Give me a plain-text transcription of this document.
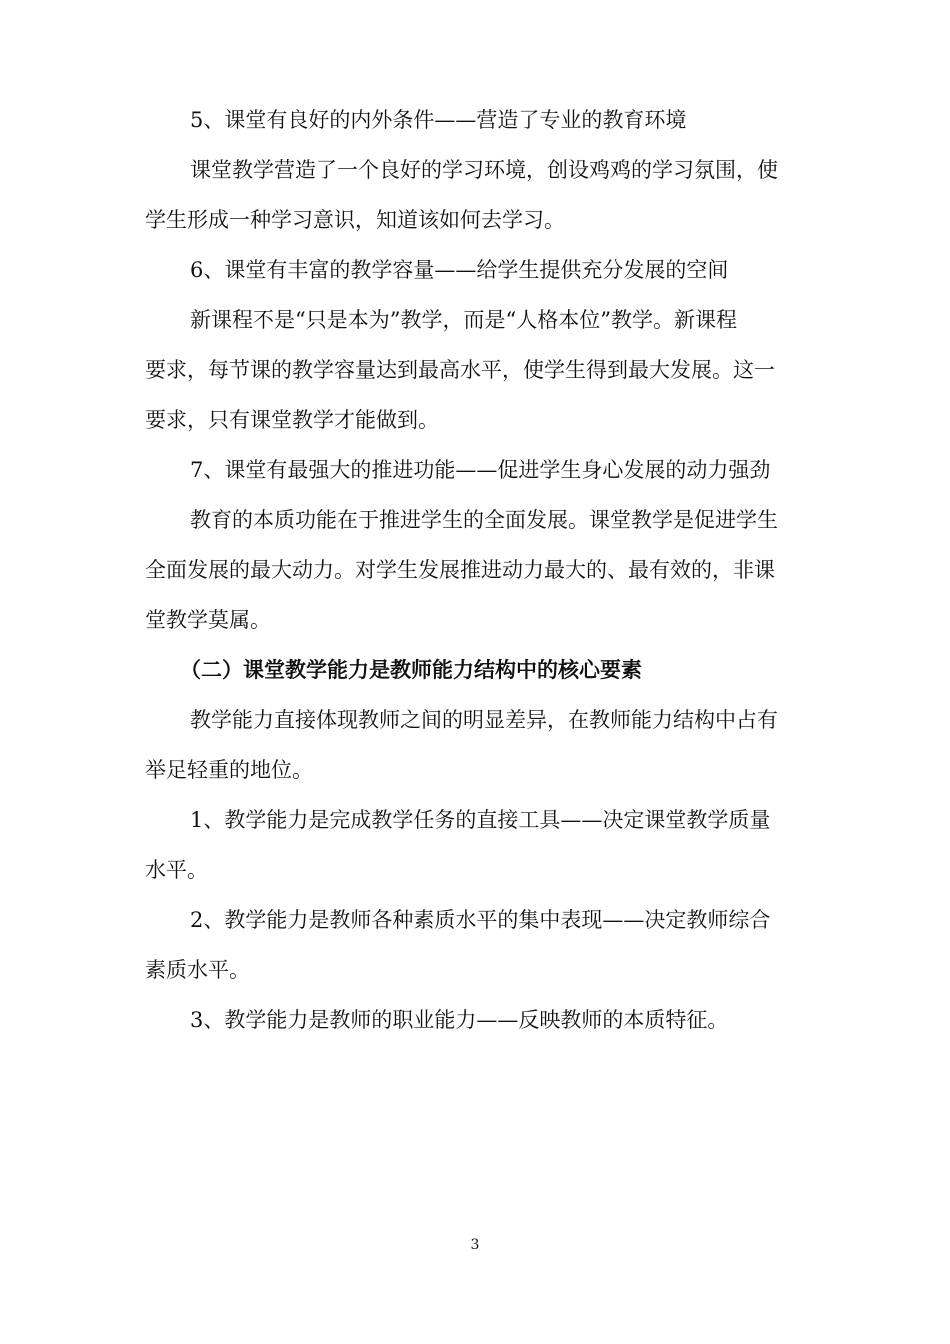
5、课堂有良好的内外条件——营造了专业的教育环境
课堂教学营造了一个良好的学习环境，创设鸡鸡的学习氛围，使
学生形成一种学习意识，知道该如何去学习。
6、课堂有丰富的教学容量——给学生提供充分发展的空间
新课程不是“只是本为”教学，而是“人格本位”教学。新课程
要求，每节课的教学容量达到最高水平，使学生得到最大发展。这一
要求，只有课堂教学才能做到。
7、课堂有最强大的推进功能——促进学生身心发展的动力强劲
教育的本质功能在于推进学生的全面发展。课堂教学是促进学生
全面发展的最大动力。对学生发展推进动力最大的、最有效的，非课
堂教学莫属。
（二）课堂教学能力是教师能力结构中的核心要素
教学能力直接体现教师之间的明显差异，在教师能力结构中占有
举足轻重的地位。
1、教学能力是完成教学任务的直接工具——决定课堂教学质量
水平。
2、教学能力是教师各种素质水平的集中表现——决定教师综合
素质水平。
3、教学能力是教师的职业能力——反映教师的本质特征。
3
